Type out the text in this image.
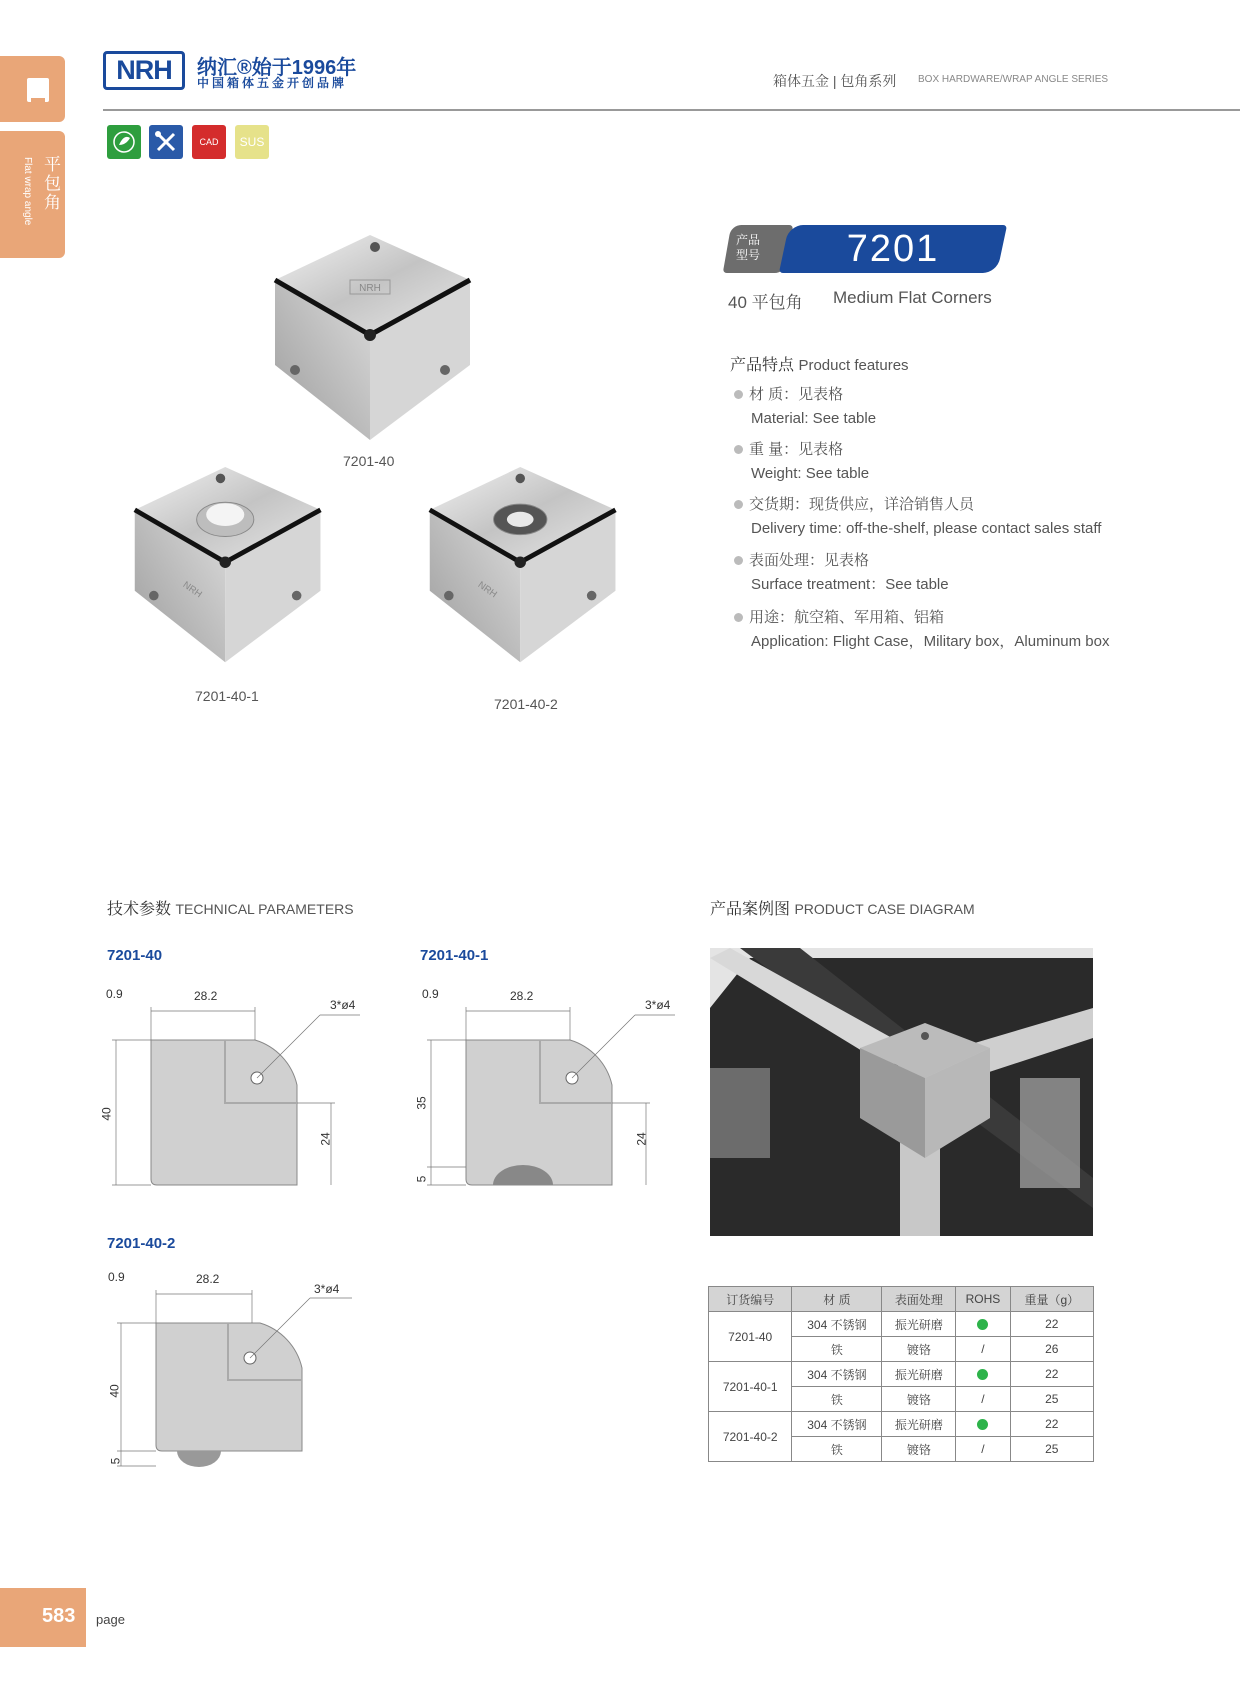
平包角
Flat wrap angle
NRH	纳汇®始于1996年
中国箱体五金开创品牌	箱体五金 | 包角系列 BOX HARDWARE/WRAP ANGLE SERIES
CAD	SUS
产品型号	7201
40 平包角 Medium Flat Corners
产品特点 Product features
材 质：见表格
Material: See table
重 量：见表格
Weight: See table
交货期：现货供应，详洽销售人员
Delivery time: off-the-shelf, please contact sales staff
表面处理：见表格
Surface treatment：See table
用途：航空箱、军用箱、铝箱
Application: Flight Case，Military box，Aluminum box
NRH
7201-40
NRH
7201-40-1
NRH
7201-40-2
技术参数 TECHNICAL PARAMETERS
7201-40
0.9	28.2
3*ø4
40
24
7201-40-1
0.9	28.2
3*ø4
35
5
24
7201-40-2
0.9	28.2
3*ø4
40
5
产品案例图 PRODUCT CASE DIAGRAM
订货编号	材 质	表面处理	ROHS	重量（g）
7201-40	304 不锈钢	振光研磨		22
	铁	镀铬	/	26
7201-40-1	304 不锈钢	振光研磨		22
	铁	镀铬	/	25
7201-40-2	304 不锈钢	振光研磨		22
	铁	镀铬	/	25
583 page
